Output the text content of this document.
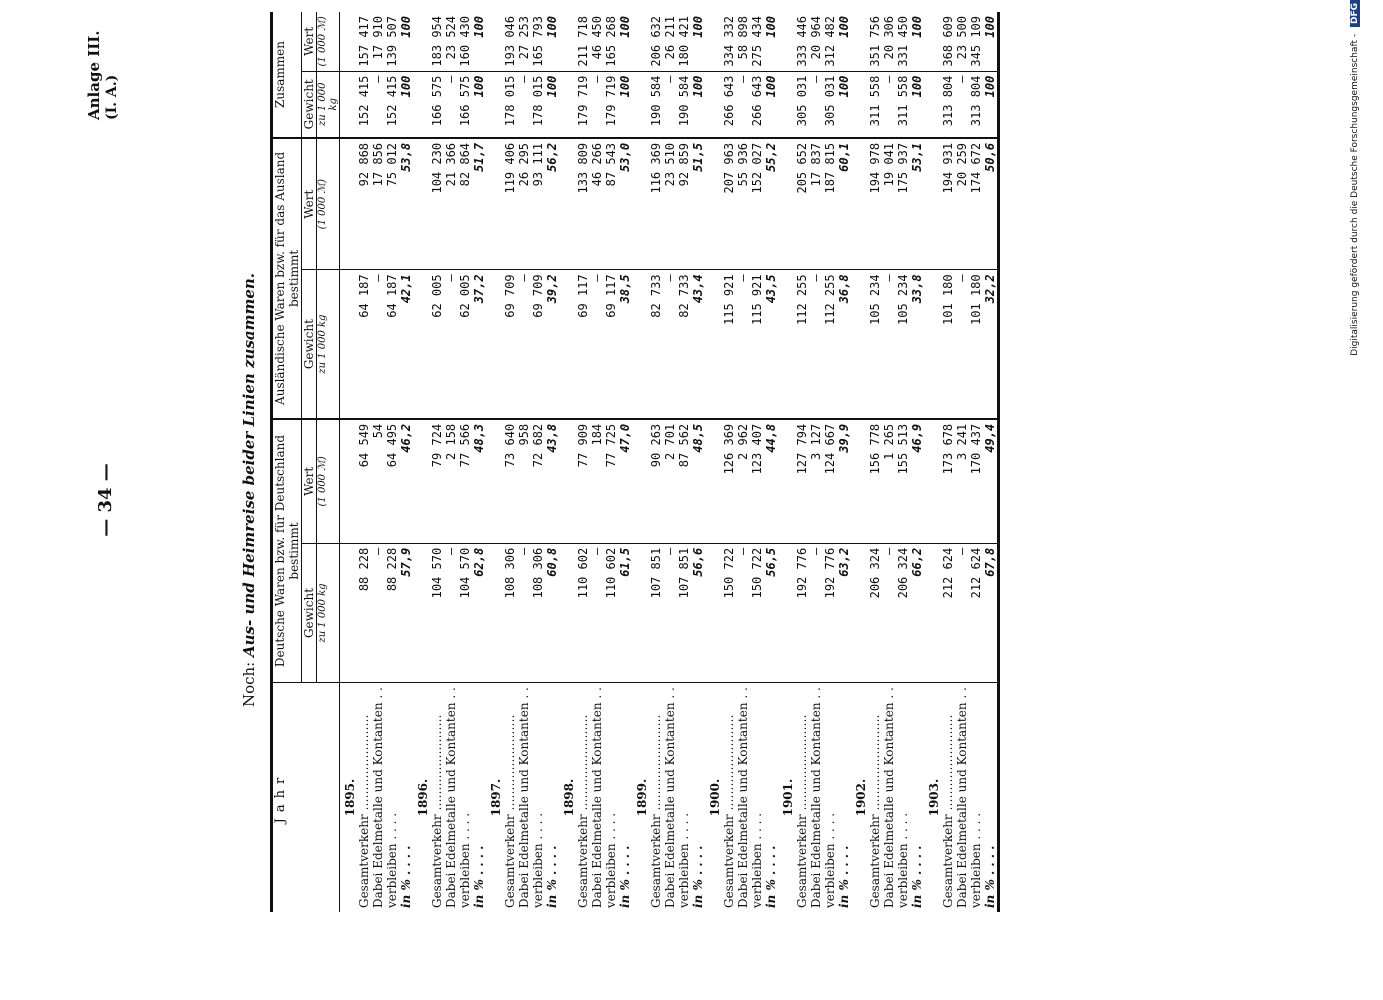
Anlage III. (I. A.)
— 34 —
Noch: Aus- und Heimreise beider Linien zusammen.
Jahr	Deutsche Waren bzw. für Deutschland bestimmt		Ausländische Waren bzw. für das Ausland bestimmt		Zusammen	
	Gewicht	Wert	Gewicht	Wert	Gewicht	Wert
	zu 1 000 kg	(1 000 ℳ)	zu 1 000 kg	(1 000 ℳ)	zu 1 000 kg	(1 000 ℳ)
1895.						
Gesamtverkehr ……………………	88 228	64 549	64 187	92 868	152 415	157 417
Dabei Edelmetalle und Kontanten . .	—	54	—	17 856	—	17 910
verbleiben . . . .	88 228	64 495	64 187	75 012	152 415	139 507
in % . . . .	57,9	46,2	42,1	53,8	100	100
1896.						
Gesamtverkehr ……………………	104 570	79 724	62 005	104 230	166 575	183 954
Dabei Edelmetalle und Kontanten . .	—	2 158	—	21 366	—	23 524
verbleiben . . . .	104 570	77 566	62 005	82 864	166 575	160 430
in % . . . .	62,8	48,3	37,2	51,7	100	100
1897.						
Gesamtverkehr ……………………	108 306	73 640	69 709	119 406	178 015	193 046
Dabei Edelmetalle und Kontanten . .	—	958	—	26 295	—	27 253
verbleiben . . . .	108 306	72 682	69 709	93 111	178 015	165 793
in % . . . .	60,8	43,8	39,2	56,2	100	100
1898.						
Gesamtverkehr ……………………	110 602	77 909	69 117	133 809	179 719	211 718
Dabei Edelmetalle und Kontanten . .	—	184	—	46 266	—	46 450
verbleiben . . . .	110 602	77 725	69 117	87 543	179 719	165 268
in % . . . .	61,5	47,0	38,5	53,0	100	100
1899.						
Gesamtverkehr ……………………	107 851	90 263	82 733	116 369	190 584	206 632
Dabei Edelmetalle und Kontanten . .	—	2 701	—	23 510	—	26 211
verbleiben . . . .	107 851	87 562	82 733	92 859	190 584	180 421
in % . . . .	56,6	48,5	43,4	51,5	100	100
1900.						
Gesamtverkehr ……………………	150 722	126 369	115 921	207 963	266 643	334 332
Dabei Edelmetalle und Kontanten . .	—	2 962	—	55 936	—	58 898
verbleiben . . . .	150 722	123 407	115 921	152 027	266 643	275 434
in % . . . .	56,5	44,8	43,5	55,2	100	100
1901.						
Gesamtverkehr ……………………	192 776	127 794	112 255	205 652	305 031	333 446
Dabei Edelmetalle und Kontanten . .	—	3 127	—	17 837	—	20 964
verbleiben . . . .	192 776	124 667	112 255	187 815	305 031	312 482
in % . . . .	63,2	39,9	36,8	60,1	100	100
1902.						
Gesamtverkehr ……………………	206 324	156 778	105 234	194 978	311 558	351 756
Dabei Edelmetalle und Kontanten . .	—	1 265	—	19 041	—	20 306
verbleiben . . . .	206 324	155 513	105 234	175 937	311 558	331 450
in % . . . .	66,2	46,9	33,8	53,1	100	100
1903.						
Gesamtverkehr ……………………	212 624	173 678	101 180	194 931	313 804	368 609
Dabei Edelmetalle und Kontanten . .	—	3 241	—	20 259	—	23 500
verbleiben . . . .	212 624	170 437	101 180	174 672	313 804	345 109
in % . . . .	67,8	49,4	32,2	50,6	100	100
Digitalisierung gefördert durch die Deutsche Forschungsgemeinschaft - DFG
